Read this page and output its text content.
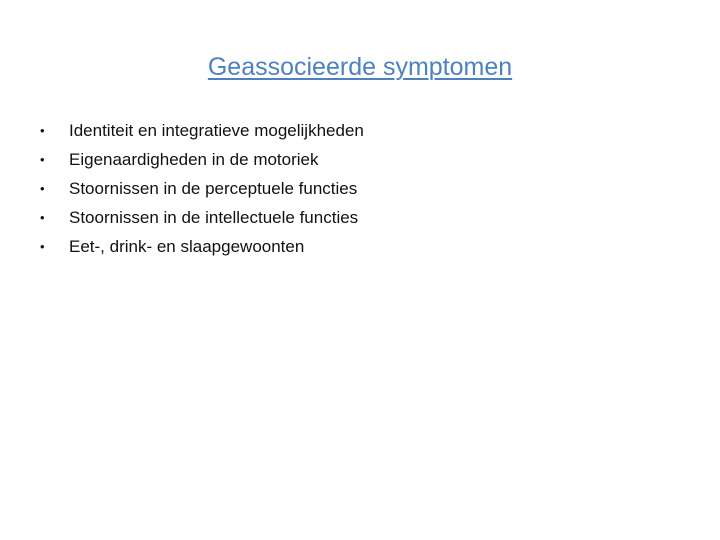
Geassocieerde symptomen
•	Identiteit en integratieve mogelijkheden
•	Eigenaardigheden in de motoriek
•	Stoornissen in de perceptuele functies
•	Stoornissen in de intellectuele functies
•	Eet-, drink- en slaapgewoonten
